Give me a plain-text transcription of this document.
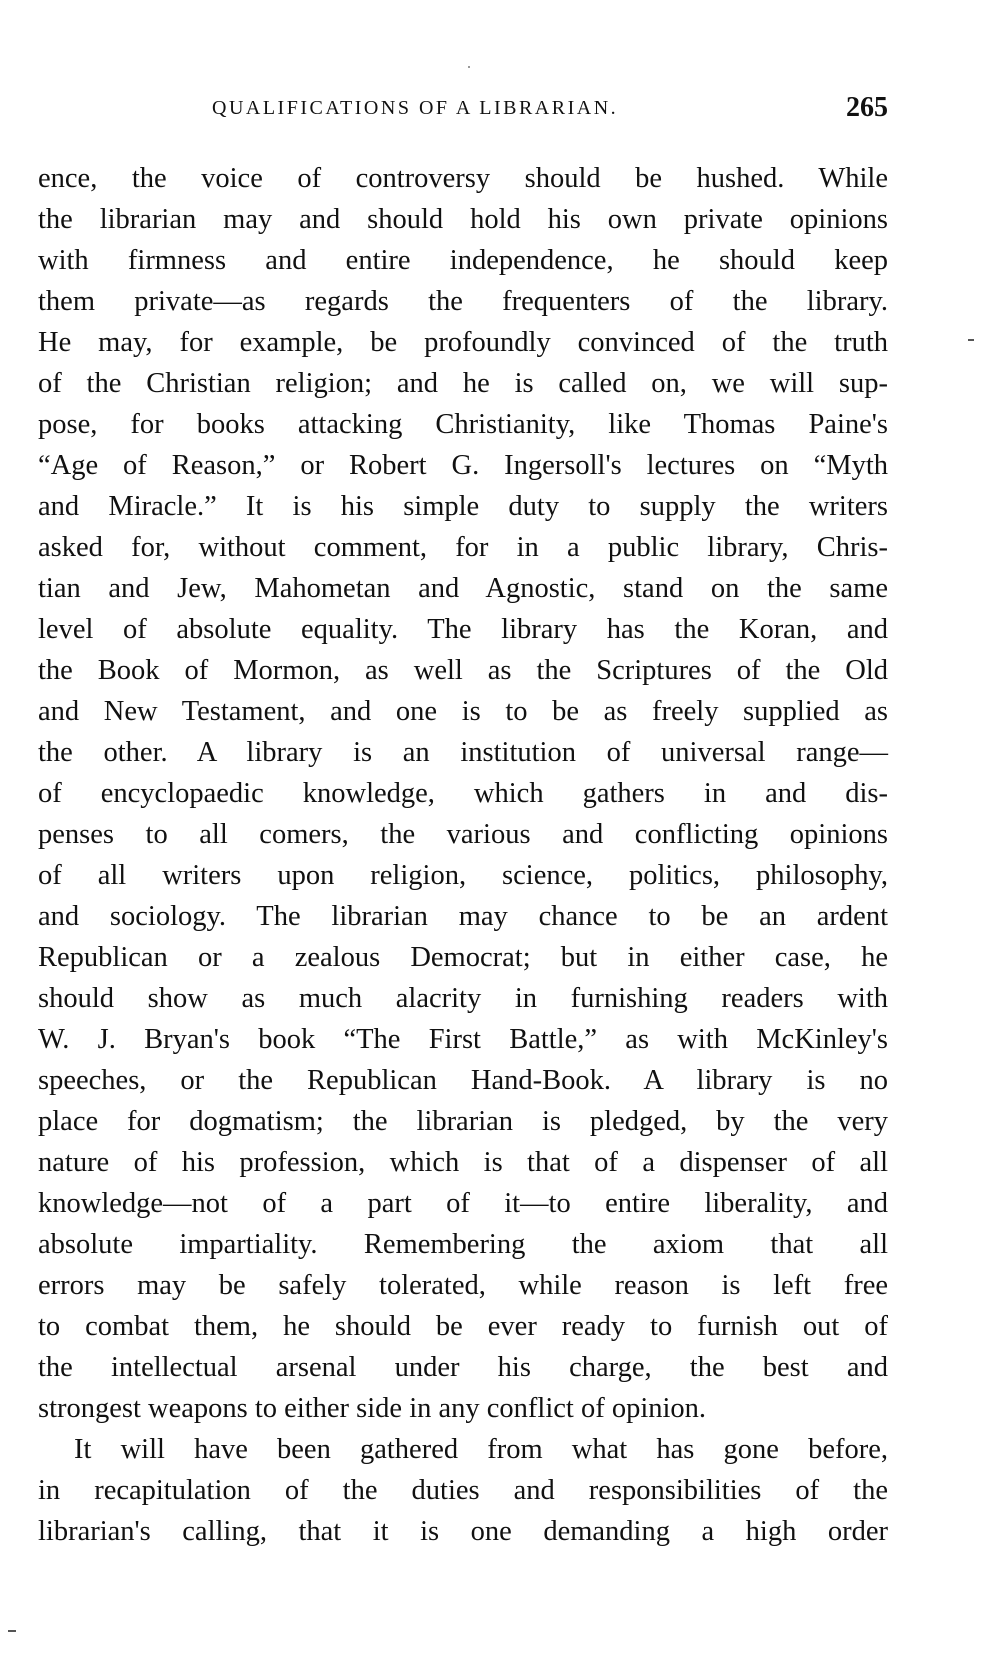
QUALIFICATIONS OF A LIBRARIAN.	265
ence, the voice of controversy should be hushed. While
the librarian may and should hold his own private opinions
with firmness and entire independence, he should keep
them private—as regards the frequenters of the library.
He may, for example, be profoundly convinced of the truth
of the Christian religion; and he is called on, we will sup-
pose, for books attacking Christianity, like Thomas Paine's
“Age of Reason,” or Robert G. Ingersoll's lectures on “Myth
and Miracle.” It is his simple duty to supply the writers
asked for, without comment, for in a public library, Chris-
tian and Jew, Mahometan and Agnostic, stand on the same
level of absolute equality. The library has the Koran, and
the Book of Mormon, as well as the Scriptures of the Old
and New Testament, and one is to be as freely supplied as
the other. A library is an institution of universal range—
of encyclopaedic knowledge, which gathers in and dis-
penses to all comers, the various and conflicting opinions
of all writers upon religion, science, politics, philosophy,
and sociology. The librarian may chance to be an ardent
Republican or a zealous Democrat; but in either case, he
should show as much alacrity in furnishing readers with
W. J. Bryan's book “The First Battle,” as with McKinley's
speeches, or the Republican Hand-Book. A library is no
place for dogmatism; the librarian is pledged, by the very
nature of his profession, which is that of a dispenser of all
knowledge—not of a part of it—to entire liberality, and
absolute impartiality. Remembering the axiom that all
errors may be safely tolerated, while reason is left free
to combat them, he should be ever ready to furnish out of
the intellectual arsenal under his charge, the best and
strongest weapons to either side in any conflict of opinion.
It will have been gathered from what has gone before,
in recapitulation of the duties and responsibilities of the
librarian's calling, that it is one demanding a high order
